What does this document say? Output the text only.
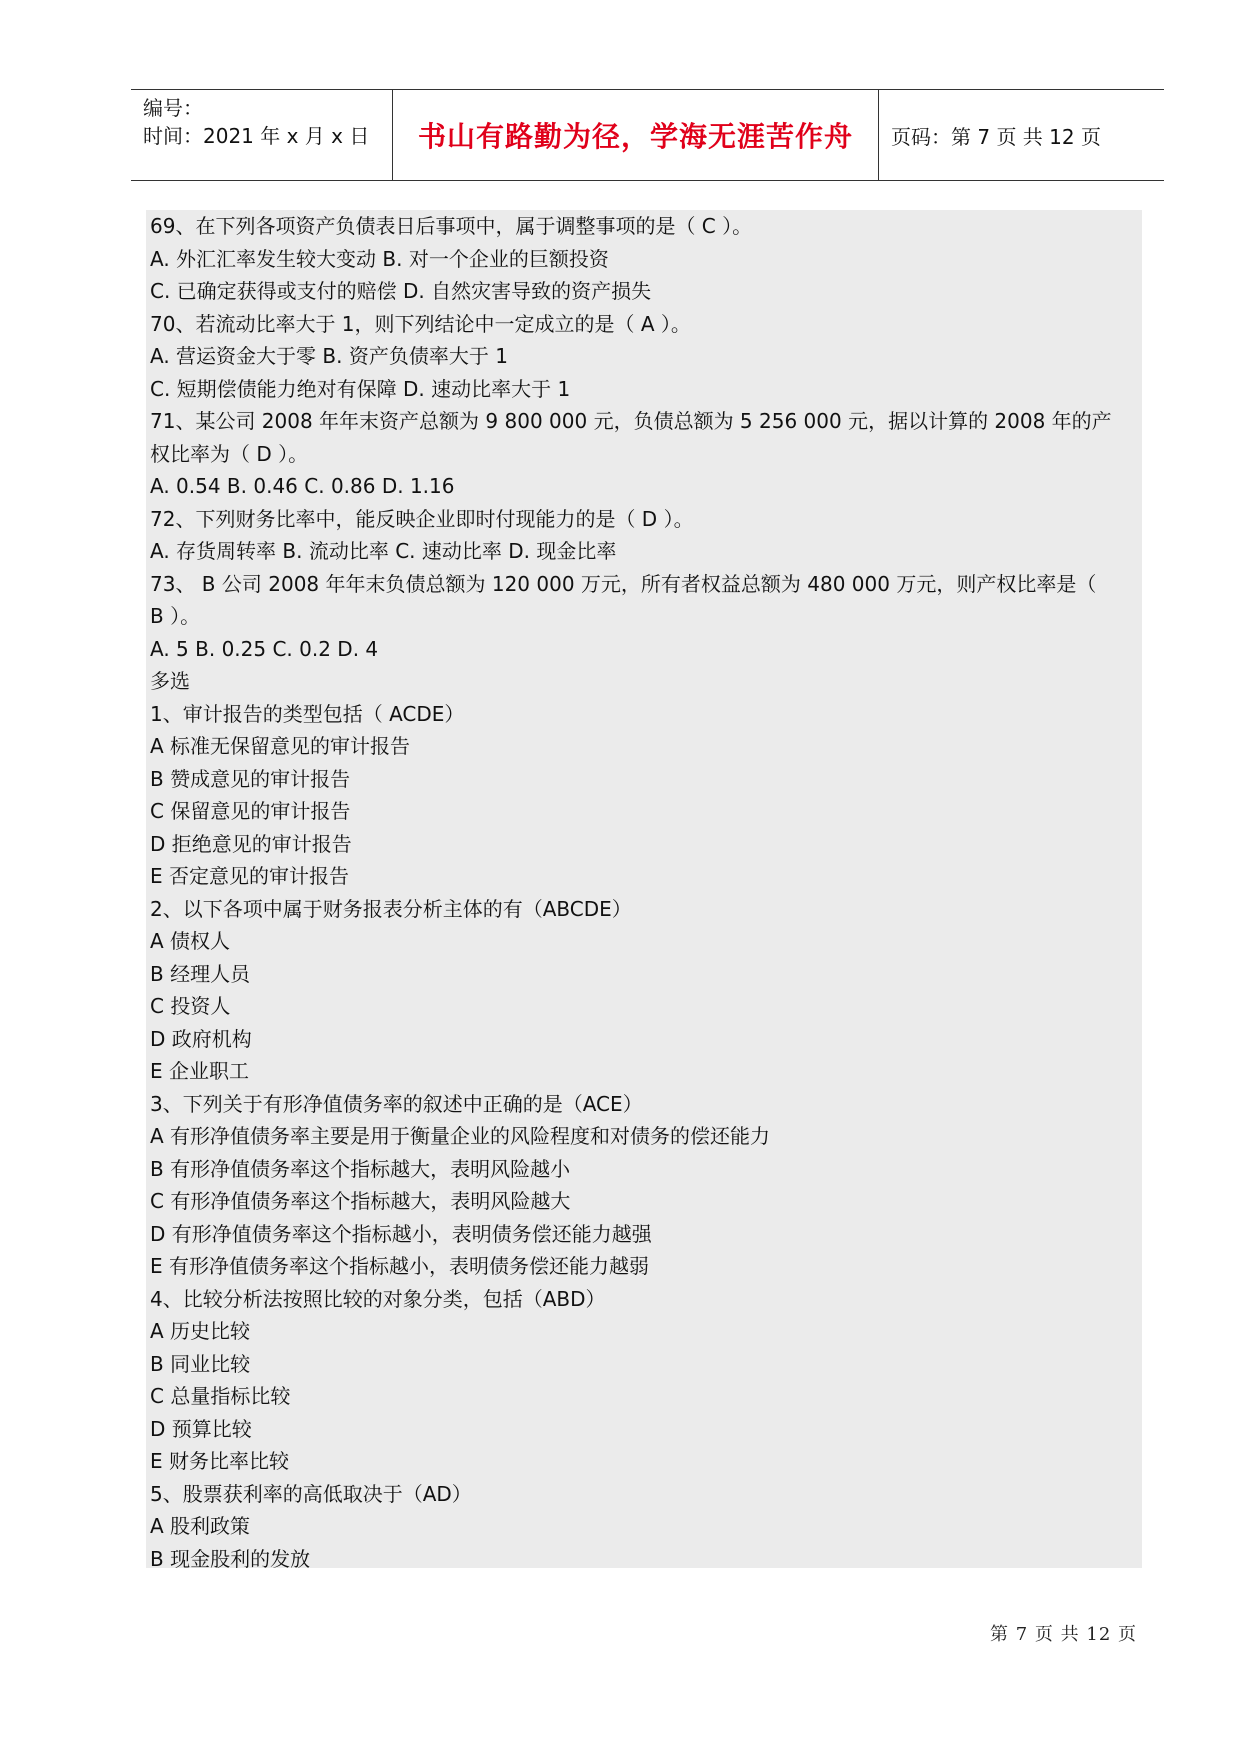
编号：
时间：2021 年 x 月 x 日	书山有路勤为径，学海无涯苦作舟	页码：第 7 页 共 12 页
69、在下列各项资产负债表日后事项中，属于调整事项的是（ C ）。
A. 外汇汇率发生较大变动 B. 对一个企业的巨额投资
C. 已确定获得或支付的赔偿 D. 自然灾害导致的资产损失
70、若流动比率大于 1，则下列结论中一定成立的是（ A ）。
A. 营运资金大于零 B. 资产负债率大于 1
C. 短期偿债能力绝对有保障 D. 速动比率大于 1
71、某公司 2008 年年末资产总额为 9 800 000 元，负债总额为 5 256 000 元，据以计算的 2008 年的产
权比率为（ D ）。
A. 0.54 B. 0.46 C. 0.86 D. 1.16
72、下列财务比率中，能反映企业即时付现能力的是（ D ）。
A. 存货周转率 B. 流动比率 C. 速动比率 D. 现金比率
73、 B 公司 2008 年年末负债总额为 120 000 万元，所有者权益总额为 480 000 万元，则产权比率是（
B ）。
A. 5 B. 0.25 C. 0.2 D. 4
多选
1、审计报告的类型包括（ ACDE）
A 标准无保留意见的审计报告
B 赞成意见的审计报告
C 保留意见的审计报告
D 拒绝意见的审计报告
E 否定意见的审计报告
2、以下各项中属于财务报表分析主体的有（ABCDE）
A 债权人
B 经理人员
C 投资人
D 政府机构
E 企业职工
3、下列关于有形净值债务率的叙述中正确的是（ACE）
A 有形净值债务率主要是用于衡量企业的风险程度和对债务的偿还能力
B 有形净值债务率这个指标越大，表明风险越小
C 有形净值债务率这个指标越大，表明风险越大
D 有形净值债务率这个指标越小，表明债务偿还能力越强
E 有形净值债务率这个指标越小，表明债务偿还能力越弱
4、比较分析法按照比较的对象分类，包括（ABD）
A 历史比较
B 同业比较
C 总量指标比较
D 预算比较
E 财务比率比较
5、股票获利率的高低取决于（AD）
A 股利政策
B 现金股利的发放
第 7 页 共 12 页
